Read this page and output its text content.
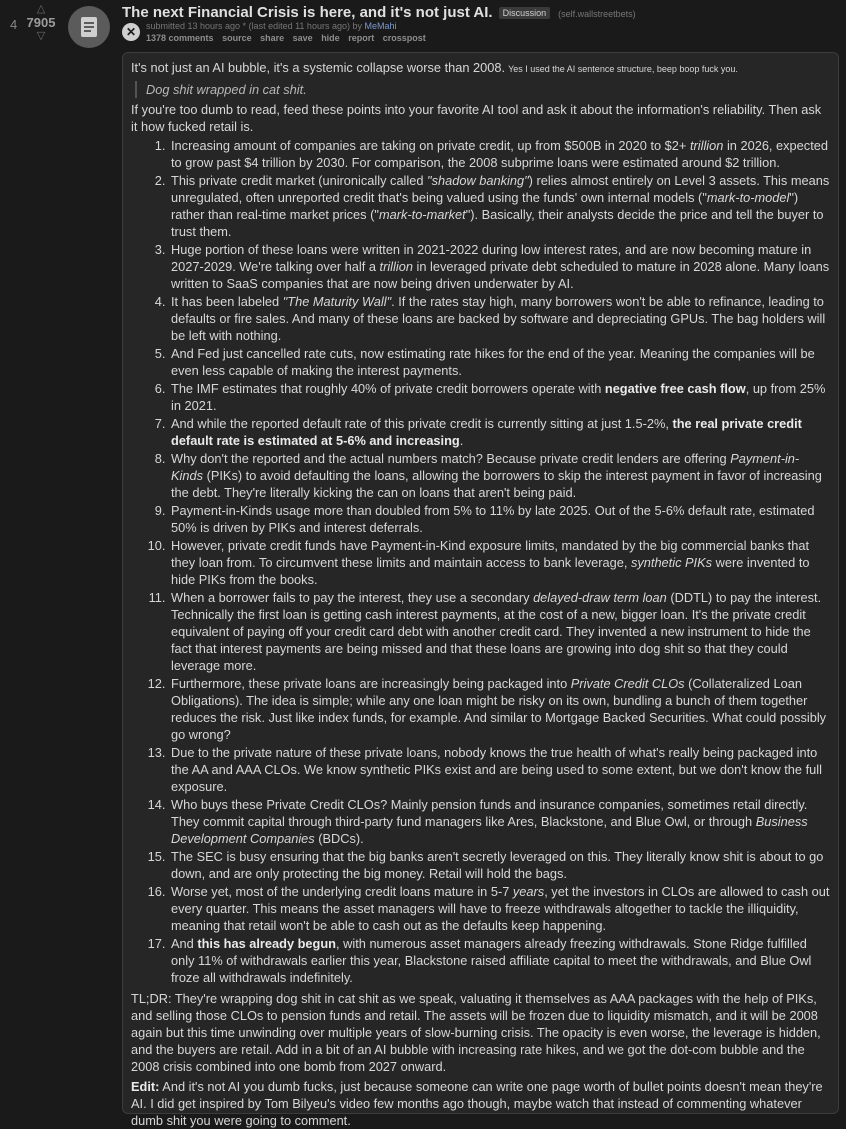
4
△
7905
▽	✕
The next Financial Crisis is here, and it's not just AI. Discussion (self.wallstreetbets)
submitted 13 hours ago * (last edited 11 hours ago) by MeMahi
1378 comments source share save hide report crosspost

It's not just an AI bubble, it's a systemic collapse worse than 2008. Yes I used the AI sentence structure, beep boop fuck you.

Dog shit wrapped in cat shit.

If you're too dumb to read, feed these points into your favorite AI tool and ask it about the information's reliability. Then ask it how fucked retail is.

1. Increasing amount of companies are taking on private credit, up from $500B in 2020 to $2+ trillion in 2026, expected to grow past $4 trillion by 2030. For comparison, the 2008 subprime loans were estimated around $2 trillion.
2. This private credit market (unironically called "shadow banking") relies almost entirely on Level 3 assets. This means unregulated, often unreported credit that's being valued using the funds' own internal models ("mark-to-model") rather than real-time market prices ("mark-to-market"). Basically, their analysts decide the price and tell the buyer to trust them.
3. Huge portion of these loans were written in 2021-2022 during low interest rates, and are now becoming mature in 2027-2029. We're talking over half a trillion in leveraged private debt scheduled to mature in 2028 alone. Many loans written to SaaS companies that are now being driven underwater by AI.
4. It has been labeled "The Maturity Wall". If the rates stay high, many borrowers won't be able to refinance, leading to defaults or fire sales. And many of these loans are backed by software and depreciating GPUs. The bag holders will be left with nothing.
5. And Fed just cancelled rate cuts, now estimating rate hikes for the end of the year. Meaning the companies will be even less capable of making the interest payments.
6. The IMF estimates that roughly 40% of private credit borrowers operate with negative free cash flow, up from 25% in 2021.
7. And while the reported default rate of this private credit is currently sitting at just 1.5-2%, the real private credit default rate is estimated at 5-6% and increasing.
8. Why don't the reported and the actual numbers match? Because private credit lenders are offering Payment-in-Kinds (PIKs) to avoid defaulting the loans, allowing the borrowers to skip the interest payment in favor of increasing the debt. They're literally kicking the can on loans that aren't being paid.
9. Payment-in-Kinds usage more than doubled from 5% to 11% by late 2025. Out of the 5-6% default rate, estimated 50% is driven by PIKs and interest deferrals.
10. However, private credit funds have Payment-in-Kind exposure limits, mandated by the big commercial banks that they loan from. To circumvent these limits and maintain access to bank leverage, synthetic PIKs were invented to hide PIKs from the books.
11. When a borrower fails to pay the interest, they use a secondary delayed-draw term loan (DDTL) to pay the interest. Technically the first loan is getting cash interest payments, at the cost of a new, bigger loan. It's the private credit equivalent of paying off your credit card debt with another credit card. They invented a new instrument to hide the fact that interest payments are being missed and that these loans are growing into dog shit so that they could leverage more.
12. Furthermore, these private loans are increasingly being packaged into Private Credit CLOs (Collateralized Loan Obligations). The idea is simple; while any one loan might be risky on its own, bundling a bunch of them together reduces the risk. Just like index funds, for example. And similar to Mortgage Backed Securities. What could possibly go wrong?
13. Due to the private nature of these private loans, nobody knows the true health of what's really being packaged into the AA and AAA CLOs. We know synthetic PIKs exist and are being used to some extent, but we don't know the full exposure.
14. Who buys these Private Credit CLOs? Mainly pension funds and insurance companies, sometimes retail directly. They commit capital through third-party fund managers like Ares, Blackstone, and Blue Owl, or through Business Development Companies (BDCs).
15. The SEC is busy ensuring that the big banks aren't secretly leveraged on this. They literally know shit is about to go down, and are only protecting the big money. Retail will hold the bags.
16. Worse yet, most of the underlying credit loans mature in 5-7 years, yet the investors in CLOs are allowed to cash out every quarter. This means the asset managers will have to freeze withdrawals altogether to tackle the illiquidity, meaning that retail won't be able to cash out as the defaults keep happening.
17. And this has already begun, with numerous asset managers already freezing withdrawals. Stone Ridge fulfilled only 11% of withdrawals earlier this year, Blackstone raised affiliate capital to meet the withdrawals, and Blue Owl froze all withdrawals indefinitely.

TL;DR: They're wrapping dog shit in cat shit as we speak, valuating it themselves as AAA packages with the help of PIKs, and selling those CLOs to pension funds and retail. The assets will be frozen due to liquidity mismatch, and it will be 2008 again but this time unwinding over multiple years of slow-burning crisis. The opacity is even worse, the leverage is hidden, and the buyers are retail. Add in a bit of an AI bubble with increasing rate hikes, and we got the dot-com bubble and the 2008 crisis combined into one bomb from 2027 onward.

Edit: And it's not AI you dumb fucks, just because someone can write one page worth of bullet points doesn't mean they're AI. I did get inspired by Tom Bilyeu's video few months ago though, maybe watch that instead of commenting whatever dumb shit you were going to comment.
